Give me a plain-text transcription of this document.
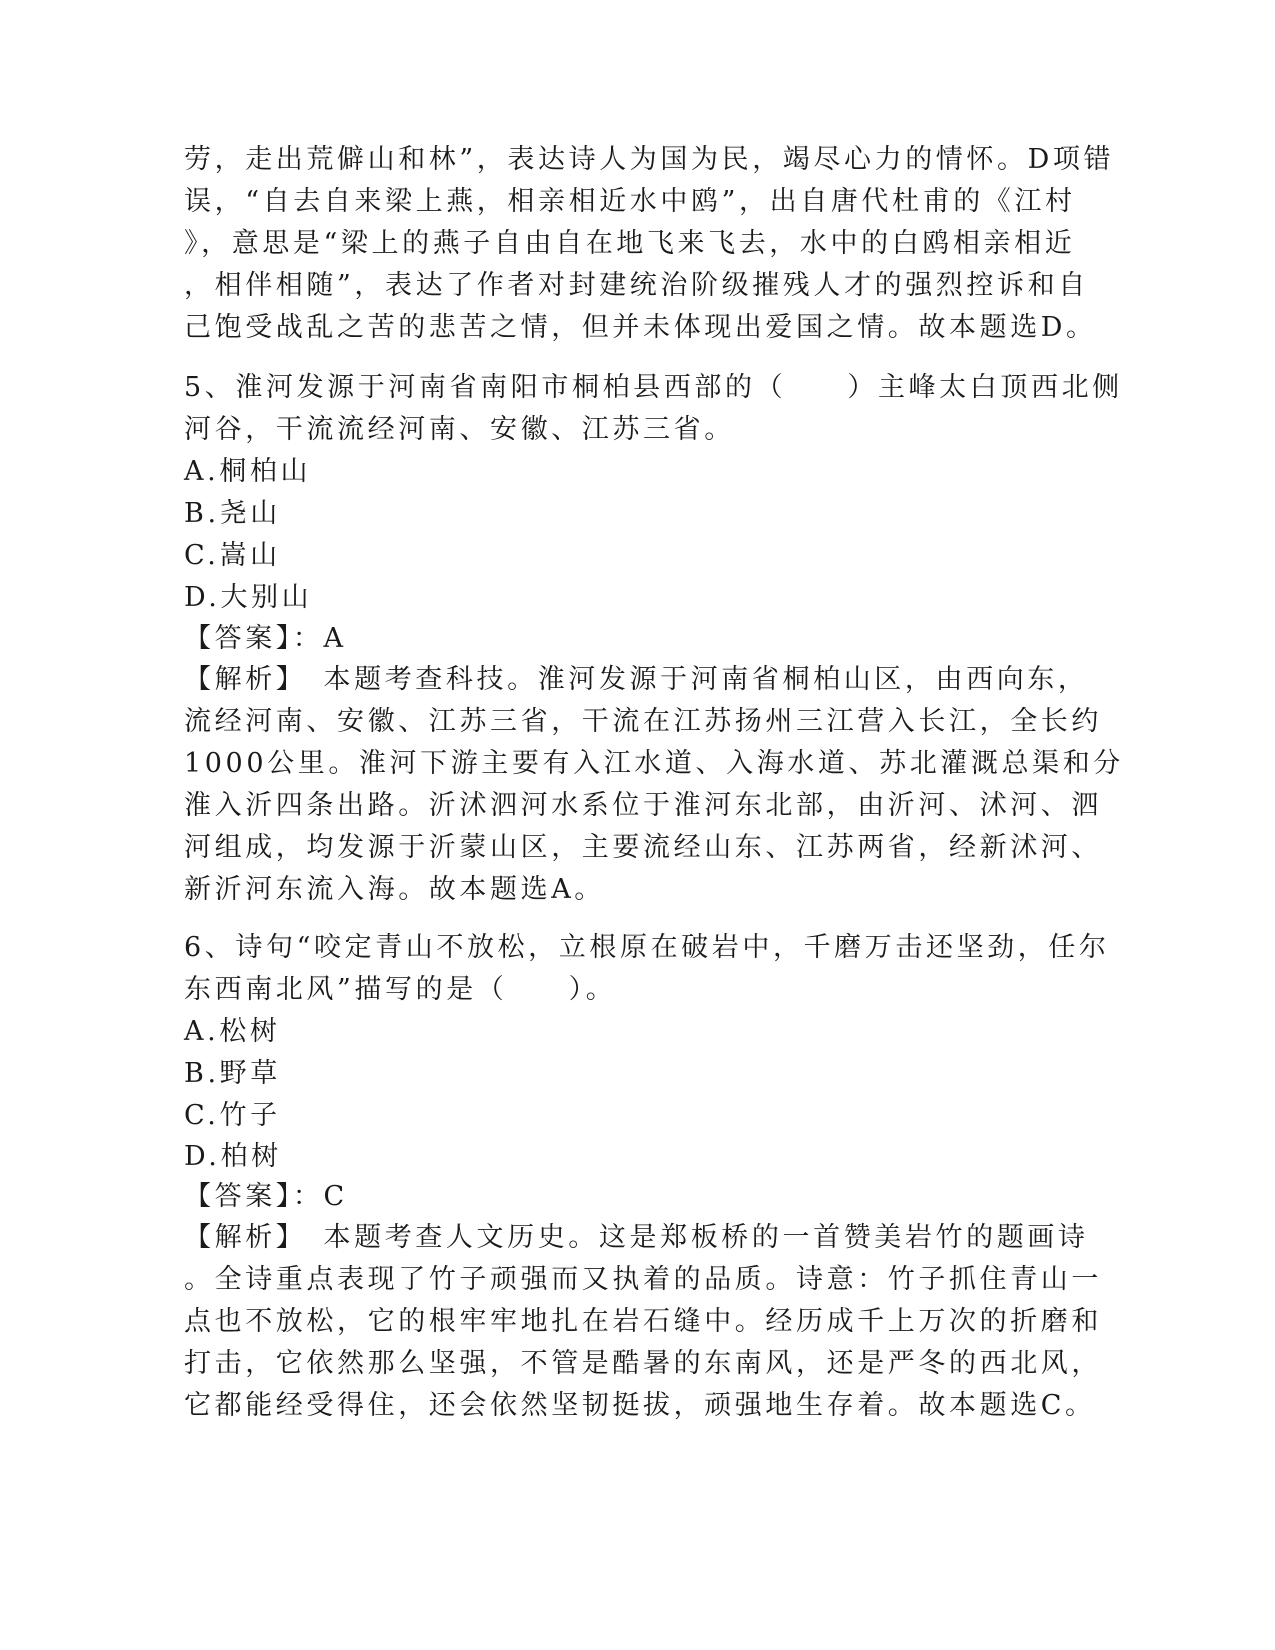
劳，走出荒僻山和林”，表达诗人为国为民，竭尽心力的情怀。D项错
误，“自去自来梁上燕，相亲相近水中鸥”，出自唐代杜甫的《江村
》，意思是“梁上的燕子自由自在地飞来飞去，水中的白鸥相亲相近
，相伴相随”，表达了作者对封建统治阶级摧残人才的强烈控诉和自
己饱受战乱之苦的悲苦之情，但并未体现出爱国之情。故本题选D。
5、淮河发源于河南省南阳市桐柏县西部的（　　）主峰太白顶西北侧
河谷，干流流经河南、安徽、江苏三省。
A.桐柏山
B.尧山
C.嵩山
D.大别山
【答案】：A
【解析】　本题考查科技。淮河发源于河南省桐柏山区，由西向东，
流经河南、安徽、江苏三省，干流在江苏扬州三江营入长江，全长约
1000公里。淮河下游主要有入江水道、入海水道、苏北灌溉总渠和分
淮入沂四条出路。沂沭泗河水系位于淮河东北部，由沂河、沭河、泗
河组成，均发源于沂蒙山区，主要流经山东、江苏两省，经新沭河、
新沂河东流入海。故本题选A。
6、诗句“咬定青山不放松，立根原在破岩中，千磨万击还坚劲，任尔
东西南北风”描写的是（　　）。
A.松树
B.野草
C.竹子
D.柏树
【答案】：C
【解析】　本题考查人文历史。这是郑板桥的一首赞美岩竹的题画诗
。全诗重点表现了竹子顽强而又执着的品质。诗意：竹子抓住青山一
点也不放松，它的根牢牢地扎在岩石缝中。经历成千上万次的折磨和
打击，它依然那么坚强，不管是酷暑的东南风，还是严冬的西北风，
它都能经受得住，还会依然坚韧挺拔，顽强地生存着。故本题选C。
